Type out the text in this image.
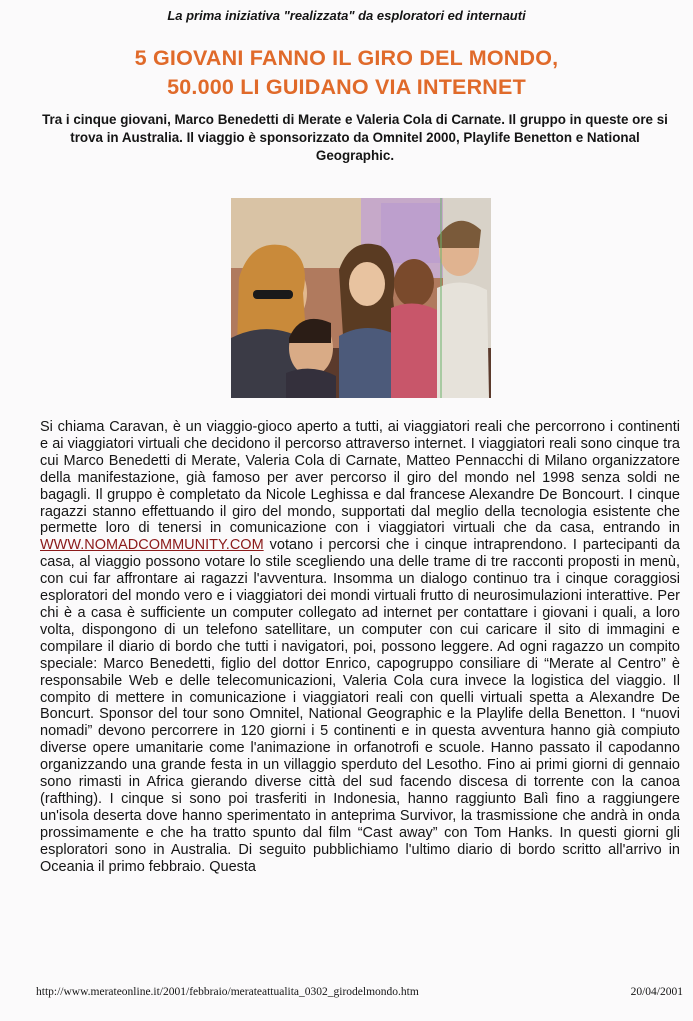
La prima iniziativa "realizzata" da esploratori ed internauti
5 GIOVANI FANNO IL GIRO DEL MONDO,
50.000 LI GUIDANO VIA INTERNET
Tra i cinque giovani, Marco Benedetti di Merate e Valeria Cola di Carnate. Il gruppo in queste ore si trova in Australia. Il viaggio è sponsorizzato da Omnitel 2000, Playlife Benetton e National Geographic.
Si chiama Caravan, è un viaggio-gioco aperto a tutti, ai viaggiatori reali che percorrono i continenti e ai viaggiatori virtuali che decidono il percorso attraverso internet. I viaggiatori reali sono cinque tra cui Marco Benedetti di Merate, Valeria Cola di Carnate, Matteo Pennacchi di Milano organizzatore della manifestazione, già famoso per aver percorso il giro del mondo nel 1998 senza soldi ne bagagli. Il gruppo è completato da Nicole Leghissa e dal francese Alexandre De Boncourt. I cinque ragazzi stanno effettuando il giro del mondo, supportati dal meglio della tecnologia esistente che permette loro di tenersi in comunicazione con i viaggiatori virtuali che da casa, entrando in WWW.NOMADCOMMUNITY.COM votano i percorsi che i cinque intraprendono. I partecipanti da casa, al viaggio possono votare lo stile scegliendo una delle trame di tre racconti proposti in menù, con cui far affrontare ai ragazzi l'avventura. Insomma un dialogo continuo tra i cinque coraggiosi esploratori del mondo vero e i viaggiatori dei mondi virtuali frutto di neurosimulazioni interattive. Per chi è a casa è sufficiente un computer collegato ad internet per contattare i giovani i quali, a loro volta, dispongono di un telefono satellitare, un computer con cui caricare il sito di immagini e compilare il diario di bordo che tutti i navigatori, poi, possono leggere. Ad ogni ragazzo un compito speciale: Marco Benedetti, figlio del dottor Enrico, capogruppo consiliare di “Merate al Centro” è responsabile Web e delle telecomunicazioni, Valeria Cola cura invece la logistica del viaggio. Il compito di mettere in comunicazione i viaggiatori reali con quelli virtuali spetta a Alexandre De Boncurt. Sponsor del tour sono Omnitel, National Geographic e la Playlife della Benetton. I “nuovi nomadi” devono percorrere in 120 giorni i 5 continenti e in questa avventura hanno già compiuto diverse opere umanitarie come l'animazione in orfanotrofi e scuole. Hanno passato il capodanno organizzando una grande festa in un villaggio sperduto del Lesotho. Fino ai primi giorni di gennaio sono rimasti in Africa gierando diverse città del sud facendo discesa di torrente con la canoa (rafthing). I cinque si sono poi trasferiti in Indonesia, hanno raggiunto Balì fino a raggiungere un'isola deserta dove hanno sperimentato in anteprima Survivor, la trasmissione che andrà in onda prossimamente e che ha tratto spunto dal film “Cast away” con Tom Hanks. In questi giorni gli esploratori sono in Australia. Di seguito pubblichiamo l'ultimo diario di bordo scritto all'arrivo in Oceania il primo febbraio. Questa
http://www.merateonline.it/2001/febbraio/merateattualita_0302_girodelmondo.htm	20/04/2001
